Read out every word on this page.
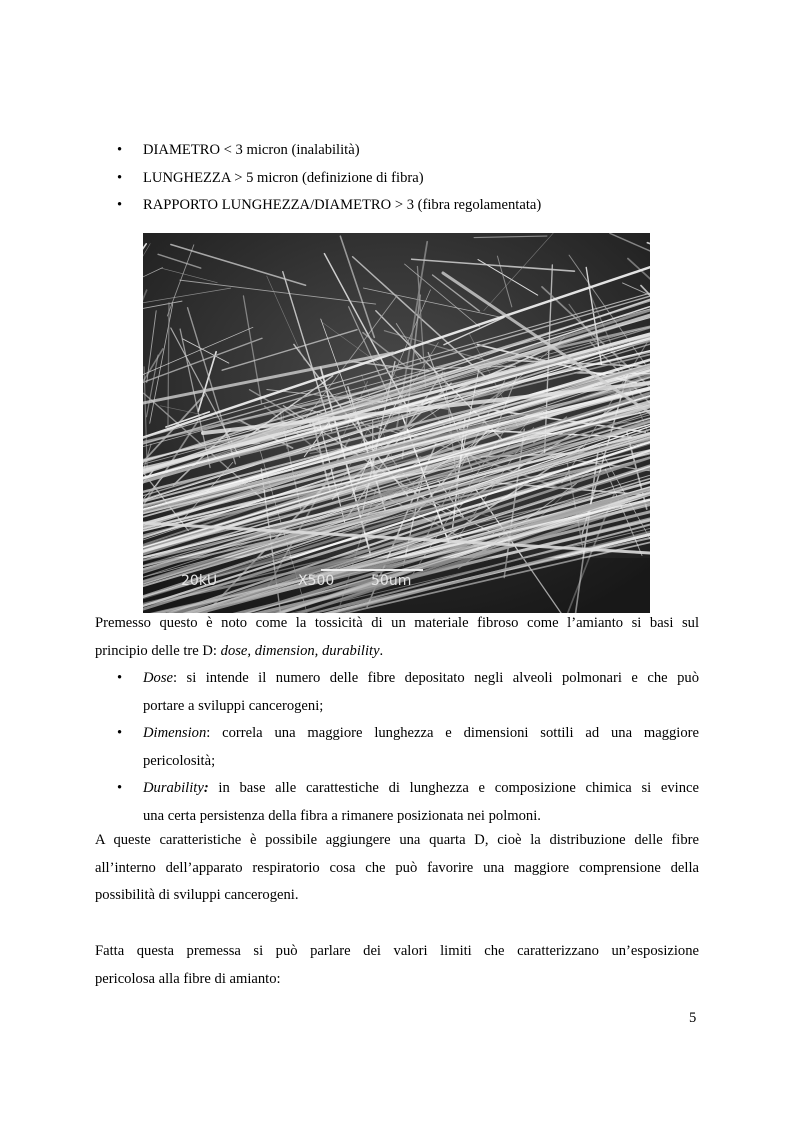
• DIAMETRO < 3 micron (inalabilità)
• LUNGHEZZA > 5 micron (definizione di fibra)
• RAPPORTO LUNGHEZZA/DIAMETRO > 3 (fibra regolamentata)
20kU	X500	50um
Premesso questo è noto come la tossicità di un materiale fibroso come l’amianto si basi sul
principio delle tre D: dose, dimension, durability.
• Dose: si intende il numero delle fibre depositato negli alveoli polmonari e che può
portare a sviluppi cancerogeni;
• Dimension: correla una maggiore lunghezza e dimensioni sottili ad una maggiore
pericolosità;
• Durability: in base alle carattestiche di lunghezza e composizione chimica si evince
una certa persistenza della fibra a rimanere posizionata nei polmoni.
A queste caratteristiche è possibile aggiungere una quarta D, cioè la distribuzione delle fibre
all’interno dell’apparato respiratorio cosa che può favorire una maggiore comprensione della
possibilità di sviluppi cancerogeni.
Fatta questa premessa si può parlare dei valori limiti che caratterizzano un’esposizione
pericolosa alla fibre di amianto:
5
